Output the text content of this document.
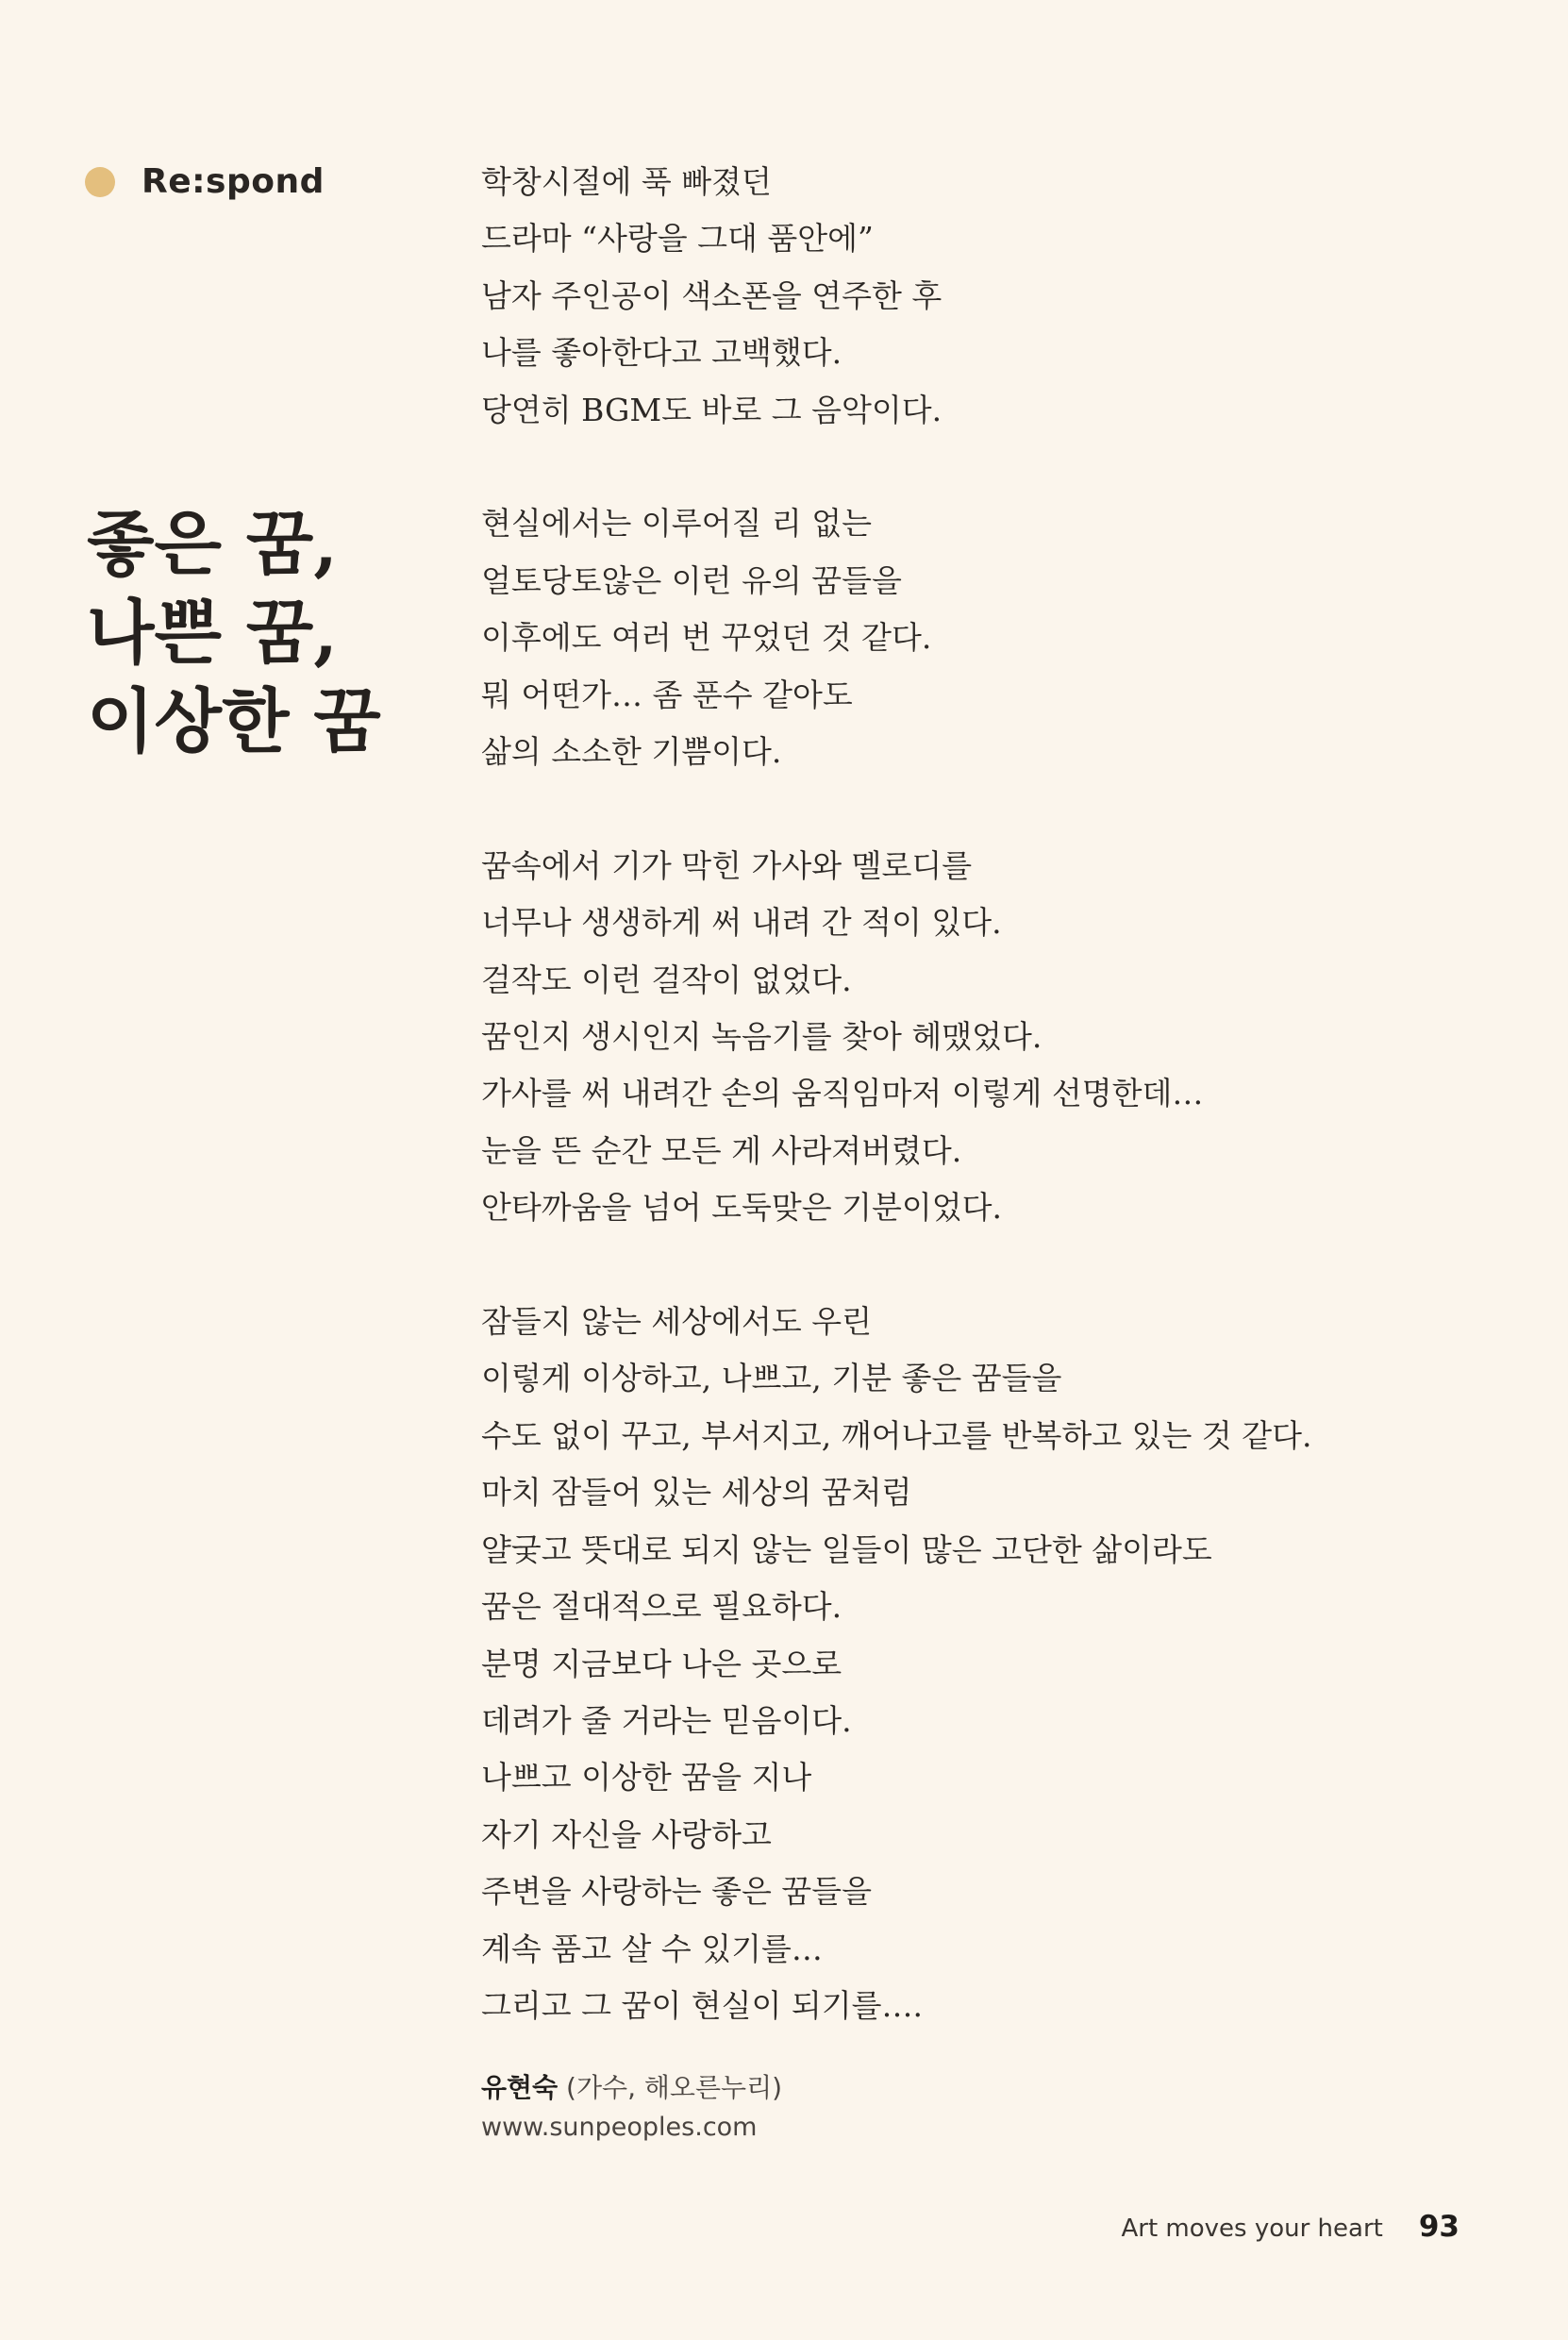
Re:spond
좋은 꿈,
나쁜 꿈,
이상한 꿈
학창시절에 푹 빠졌던
드라마 “사랑을 그대 품안에”
남자 주인공이 색소폰을 연주한 후
나를 좋아한다고 고백했다.
당연히 BGM도 바로 그 음악이다.
현실에서는 이루어질 리 없는
얼토당토않은 이런 유의 꿈들을
이후에도 여러 번 꾸었던 것 같다.
뭐 어떤가… 좀 푼수 같아도
삶의 소소한 기쁨이다.
꿈속에서 기가 막힌 가사와 멜로디를
너무나 생생하게 써 내려 간 적이 있다.
걸작도 이런 걸작이 없었다.
꿈인지 생시인지 녹음기를 찾아 헤맸었다.
가사를 써 내려간 손의 움직임마저 이렇게 선명한데…
눈을 뜬 순간 모든 게 사라져버렸다.
안타까움을 넘어 도둑맞은 기분이었다.
잠들지 않는 세상에서도 우린
이렇게 이상하고, 나쁘고, 기분 좋은 꿈들을
수도 없이 꾸고, 부서지고, 깨어나고를 반복하고 있는 것 같다.
마치 잠들어 있는 세상의 꿈처럼
얄궂고 뜻대로 되지 않는 일들이 많은 고단한 삶이라도
꿈은 절대적으로 필요하다.
분명 지금보다 나은 곳으로
데려가 줄 거라는 믿음이다.
나쁘고 이상한 꿈을 지나
자기 자신을 사랑하고
주변을 사랑하는 좋은 꿈들을
계속 품고 살 수 있기를…
그리고 그 꿈이 현실이 되기를….
유현숙 (가수, 해오른누리)
www.sunpeoples.com
Art moves your heart 93
